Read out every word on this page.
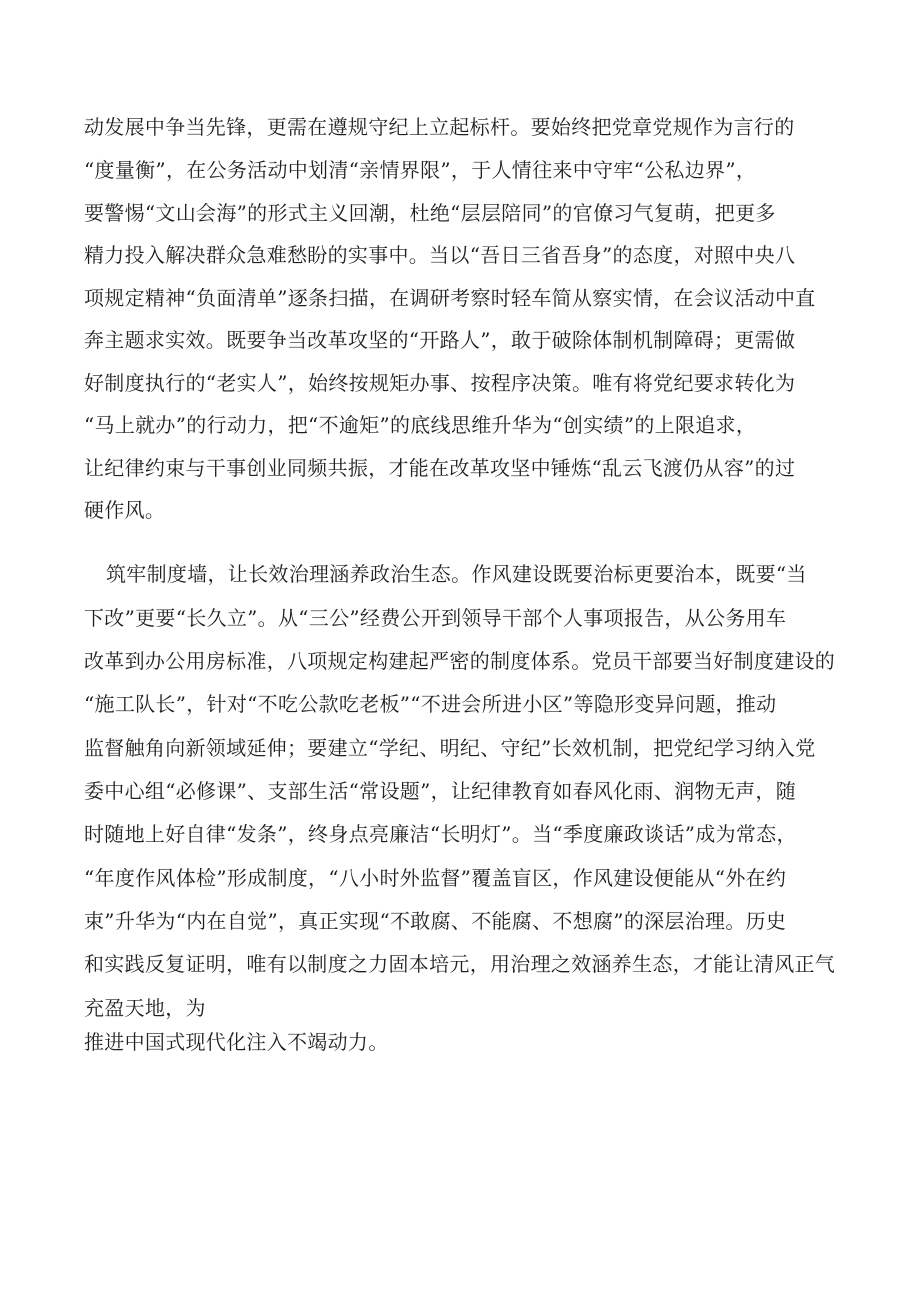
动发展中争当先锋，更需在遵规守纪上立起标杆。要始终把党章党规作为言行的
“度量衡”，在公务活动中划清“亲情界限”，于人情往来中守牢“公私边界”，
要警惕“文山会海”的形式主义回潮，杜绝“层层陪同”的官僚习气复萌，把更多
精力投入解决群众急难愁盼的实事中。当以“吾日三省吾身”的态度，对照中央八
项规定精神“负面清单”逐条扫描，在调研考察时轻车简从察实情，在会议活动中直
奔主题求实效。既要争当改革攻坚的“开路人”，敢于破除体制机制障碍；更需做
好制度执行的“老实人”，始终按规矩办事、按程序决策。唯有将党纪要求转化为
“马上就办”的行动力，把“不逾矩”的底线思维升华为“创实绩”的上限追求，
让纪律约束与干事创业同频共振，才能在改革攻坚中锤炼“乱云飞渡仍从容”的过
硬作风。
筑牢制度墙，让长效治理涵养政治生态。作风建设既要治标更要治本，既要“当
下改”更要“长久立”。从“三公”经费公开到领导干部个人事项报告，从公务用车
改革到办公用房标准，八项规定构建起严密的制度体系。党员干部要当好制度建设的
“施工队长”，针对“不吃公款吃老板”“不进会所进小区”等隐形变异问题，推动
监督触角向新领域延伸；要建立“学纪、明纪、守纪”长效机制，把党纪学习纳入党
委中心组“必修课”、支部生活“常设题”，让纪律教育如春风化雨、润物无声，随
时随地上好自律“发条”，终身点亮廉洁“长明灯”。当“季度廉政谈话”成为常态，
“年度作风体检”形成制度，“八小时外监督”覆盖盲区，作风建设便能从“外在约
束”升华为“内在自觉”，真正实现“不敢腐、不能腐、不想腐”的深层治理。历史
和实践反复证明，唯有以制度之力固本培元，用治理之效涵养生态，才能让清风正气
充盈天地，为
推进中国式现代化注入不竭动力。
